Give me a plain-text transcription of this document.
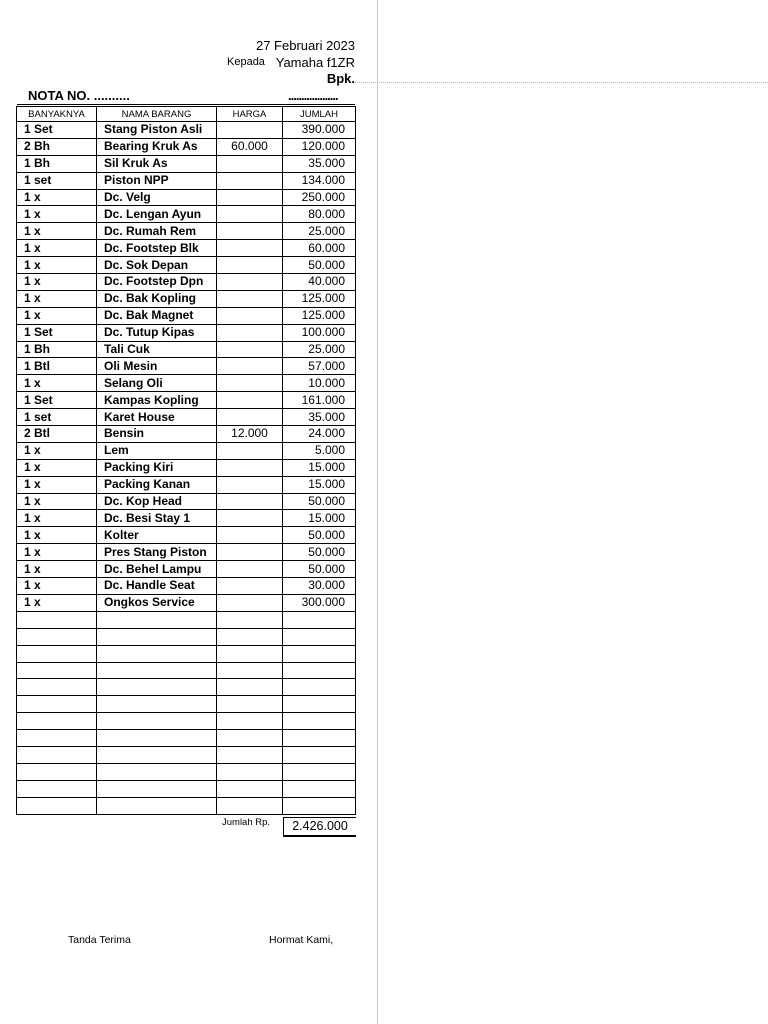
27 Februari 2023
Kepada Yamaha f1ZR
Bpk.
NOTA NO. ..........	...................
BANYAKNYA	NAMA BARANG	HARGA	JUMLAH
1 Set	Stang Piston Asli		390.000
2 Bh	Bearing Kruk As	60.000	120.000
1 Bh	Sil Kruk As		35.000
1 set	Piston NPP		134.000
1 x	Dc. Velg		250.000
1 x	Dc. Lengan Ayun		80.000
1 x	Dc. Rumah Rem		25.000
1 x	Dc. Footstep Blk		60.000
1 x	Dc. Sok Depan		50.000
1 x	Dc. Footstep Dpn		40.000
1 x	Dc. Bak Kopling		125.000
1 x	Dc. Bak Magnet		125.000
1 Set	Dc. Tutup Kipas		100.000
1 Bh	Tali Cuk		25.000
1 Btl	Oli Mesin		57.000
1 x	Selang Oli		10.000
1 Set	Kampas Kopling		161.000
1 set	Karet House		35.000
2 Btl	Bensin	12.000	24.000
1 x	Lem		5.000
1 x	Packing Kiri		15.000
1 x	Packing Kanan		15.000
1 x	Dc. Kop Head		50.000
1 x	Dc. Besi Stay 1		15.000
1 x	Kolter		50.000
1 x	Pres Stang Piston		50.000
1 x	Dc. Behel Lampu		50.000
1 x	Dc. Handle Seat		30.000
1 x	Ongkos Service		300.000

Jumlah Rp.	2.426.000
Tanda Terima	Hormat Kami,
